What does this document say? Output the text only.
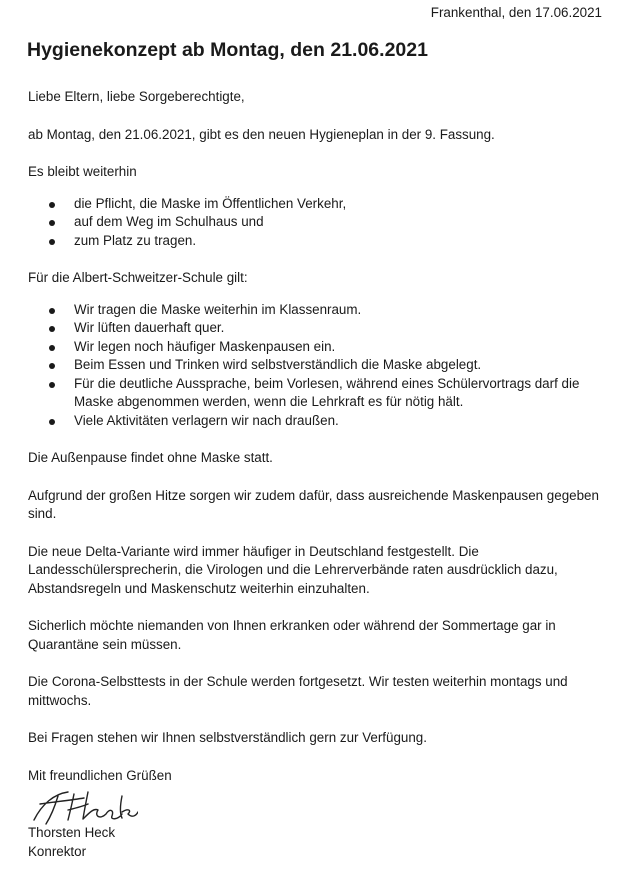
Frankenthal, den 17.06.2021
Hygienekonzept ab Montag, den 21.06.2021

Liebe Eltern, liebe Sorgeberechtigte,

ab Montag, den 21.06.2021, gibt es den neuen Hygieneplan in der 9. Fassung.

Es bleibt weiterhin

die Pflicht, die Maske im Öffentlichen Verkehr,
auf dem Weg im Schulhaus und
zum Platz zu tragen.

Für die Albert-Schweitzer-Schule gilt:

Wir tragen die Maske weiterhin im Klassenraum.
Wir lüften dauerhaft quer.
Wir legen noch häufiger Maskenpausen ein.
Beim Essen und Trinken wird selbstverständlich die Maske abgelegt.
Für die deutliche Aussprache, beim Vorlesen, während eines Schülervortrags darf die Maske abgenommen werden, wenn die Lehrkraft es für nötig hält.
Viele Aktivitäten verlagern wir nach draußen.

Die Außenpause findet ohne Maske statt.

Aufgrund der großen Hitze sorgen wir zudem dafür, dass ausreichende Maskenpausen gegeben sind.

Die neue Delta-Variante wird immer häufiger in Deutschland festgestellt. Die Landesschülersprecherin, die Virologen und die Lehrerverbände raten ausdrücklich dazu, Abstandsregeln und Maskenschutz weiterhin einzuhalten.

Sicherlich möchte niemanden von Ihnen erkranken oder während der Sommertage gar in Quarantäne sein müssen.

Die Corona-Selbsttests in der Schule werden fortgesetzt. Wir testen weiterhin montags und mittwochs.

Bei Fragen stehen wir Ihnen selbstverständlich gern zur Verfügung.

Mit freundlichen Grüßen

Thorsten Heck
Konrektor
